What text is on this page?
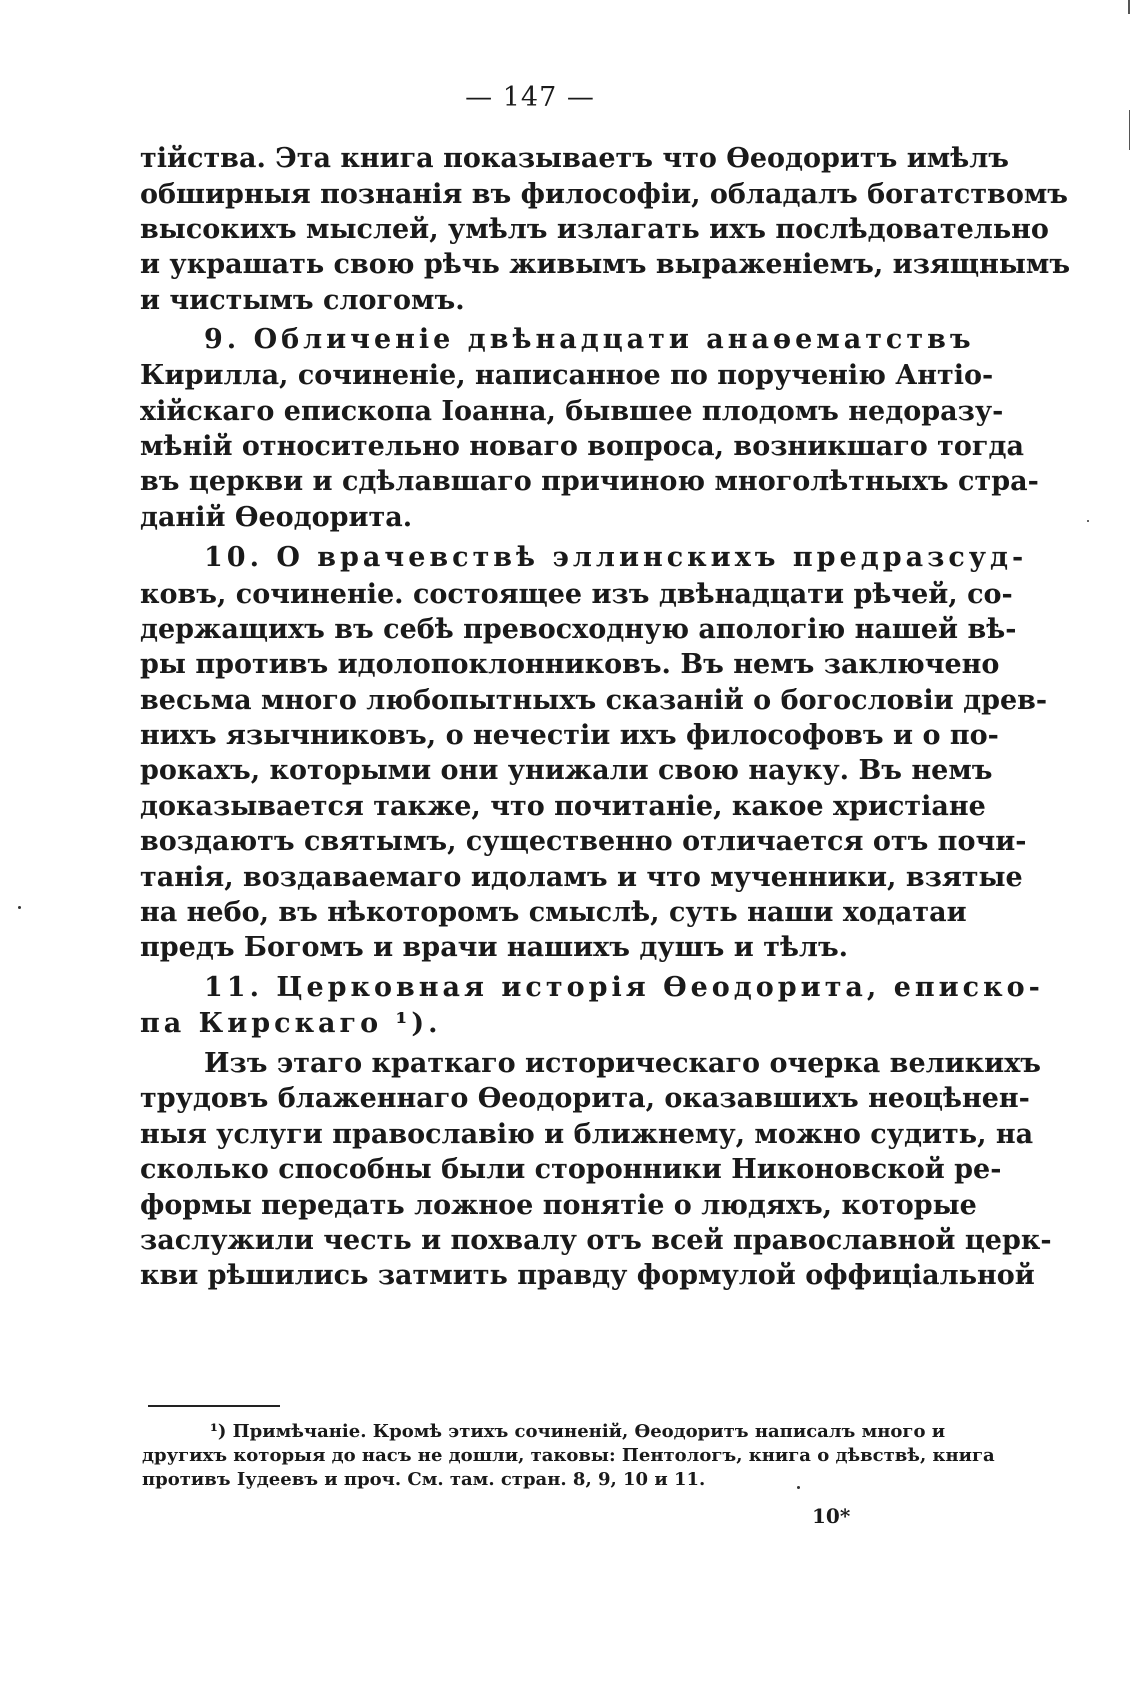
— 147 —
тійства. Эта книга показываетъ что Өеодоритъ имѣлъ
обширныя познанія въ философіи, обладалъ богатствомъ
высокихъ мыслей, умѣлъ излагать ихъ послѣдовательно
и украшать свою рѣчь живымъ выраженіемъ, изящнымъ
и чистымъ слогомъ.
9. Обличеніе двѣнадцати анаөематствъ
Кирилла, сочиненіе, написанное по порученію Антіо-
хійскаго епископа Іоанна, бывшее плодомъ недоразу-
мѣній относительно новаго вопроса, возникшаго тогда
въ церкви и сдѣлавшаго причиною многолѣтныхъ стра-
даній Өеодорита.
10. О врачевствѣ эллинскихъ предразсуд-
ковъ, сочиненіе. состоящее изъ двѣнадцати рѣчей, со-
держащихъ въ себѣ превосходную апологію нашей вѣ-
ры противъ идолопоклонниковъ. Въ немъ заключено
весьма много любопытныхъ сказаній о богословіи древ-
нихъ язычниковъ, о нечестіи ихъ философовъ и о по-
рокахъ, которыми они унижали свою науку. Въ немъ
доказывается также, что почитаніе, какое христіане
воздаютъ святымъ, существенно отличается отъ почи-
танія, воздаваемаго идоламъ и что мученники, взятые
на небо, въ нѣкоторомъ смыслѣ, суть наши ходатаи
предъ Богомъ и врачи нашихъ душъ и тѣлъ.
11. Церковная исторія Өеодорита, еписко-
па Кирскаго ¹).
Изъ этаго краткаго историческаго очерка великихъ
трудовъ блаженнаго Өеодорита, оказавшихъ неоцѣнен-
ныя услуги православію и ближнему, можно судить, на
сколько способны были сторонники Никоновской ре-
формы передать ложное понятіе о людяхъ, которые
заслужили честь и похвалу отъ всей православной церк-
кви рѣшились затмить правду формулой оффиціальной
¹) Примѣчаніе. Кромѣ этихъ сочиненій, Өеодоритъ написалъ много и
другихъ которыя до насъ не дошли, таковы: Пентологъ, книга о дѣвствѣ, книга
противъ Іудеевъ и проч. См. там. стран. 8, 9, 10 и 11.
10*
